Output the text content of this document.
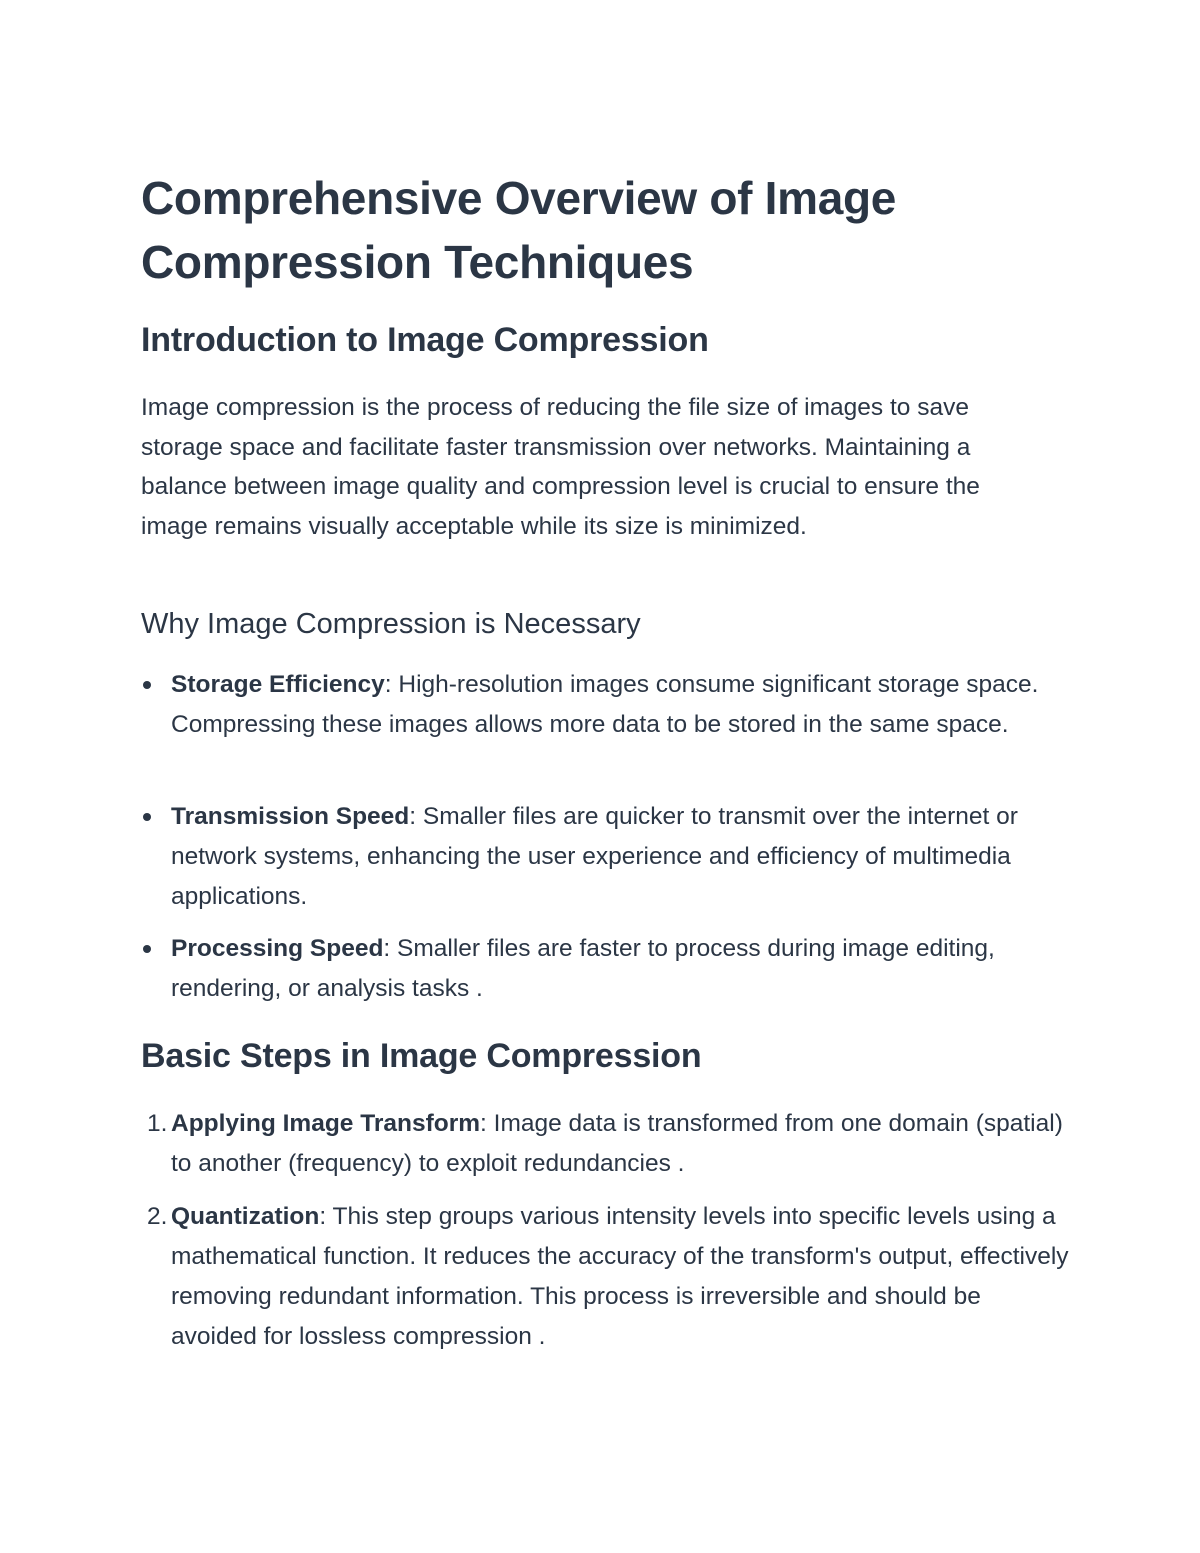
Comprehensive Overview of Image Compression Techniques
Introduction to Image Compression

Image compression is the process of reducing the file size of images to save storage space and facilitate faster transmission over networks. Maintaining a balance between image quality and compression level is crucial to ensure the image remains visually acceptable while its size is minimized.

Why Image Compression is Necessary
Storage Efficiency: High-resolution images consume significant storage space. Compressing these images allows more data to be stored in the same space.
Transmission Speed: Smaller files are quicker to transmit over the internet or network systems, enhancing the user experience and efficiency of multimedia applications.
Processing Speed: Smaller files are faster to process during image editing, rendering, or analysis tasks .
Basic Steps in Image Compression
1. Applying Image Transform: Image data is transformed from one domain (spatial) to another (frequency) to exploit redundancies .
2. Quantization: This step groups various intensity levels into specific levels using a mathematical function. It reduces the accuracy of the transform's output, effectively removing redundant information. This process is irreversible and should be avoided for lossless compression .
